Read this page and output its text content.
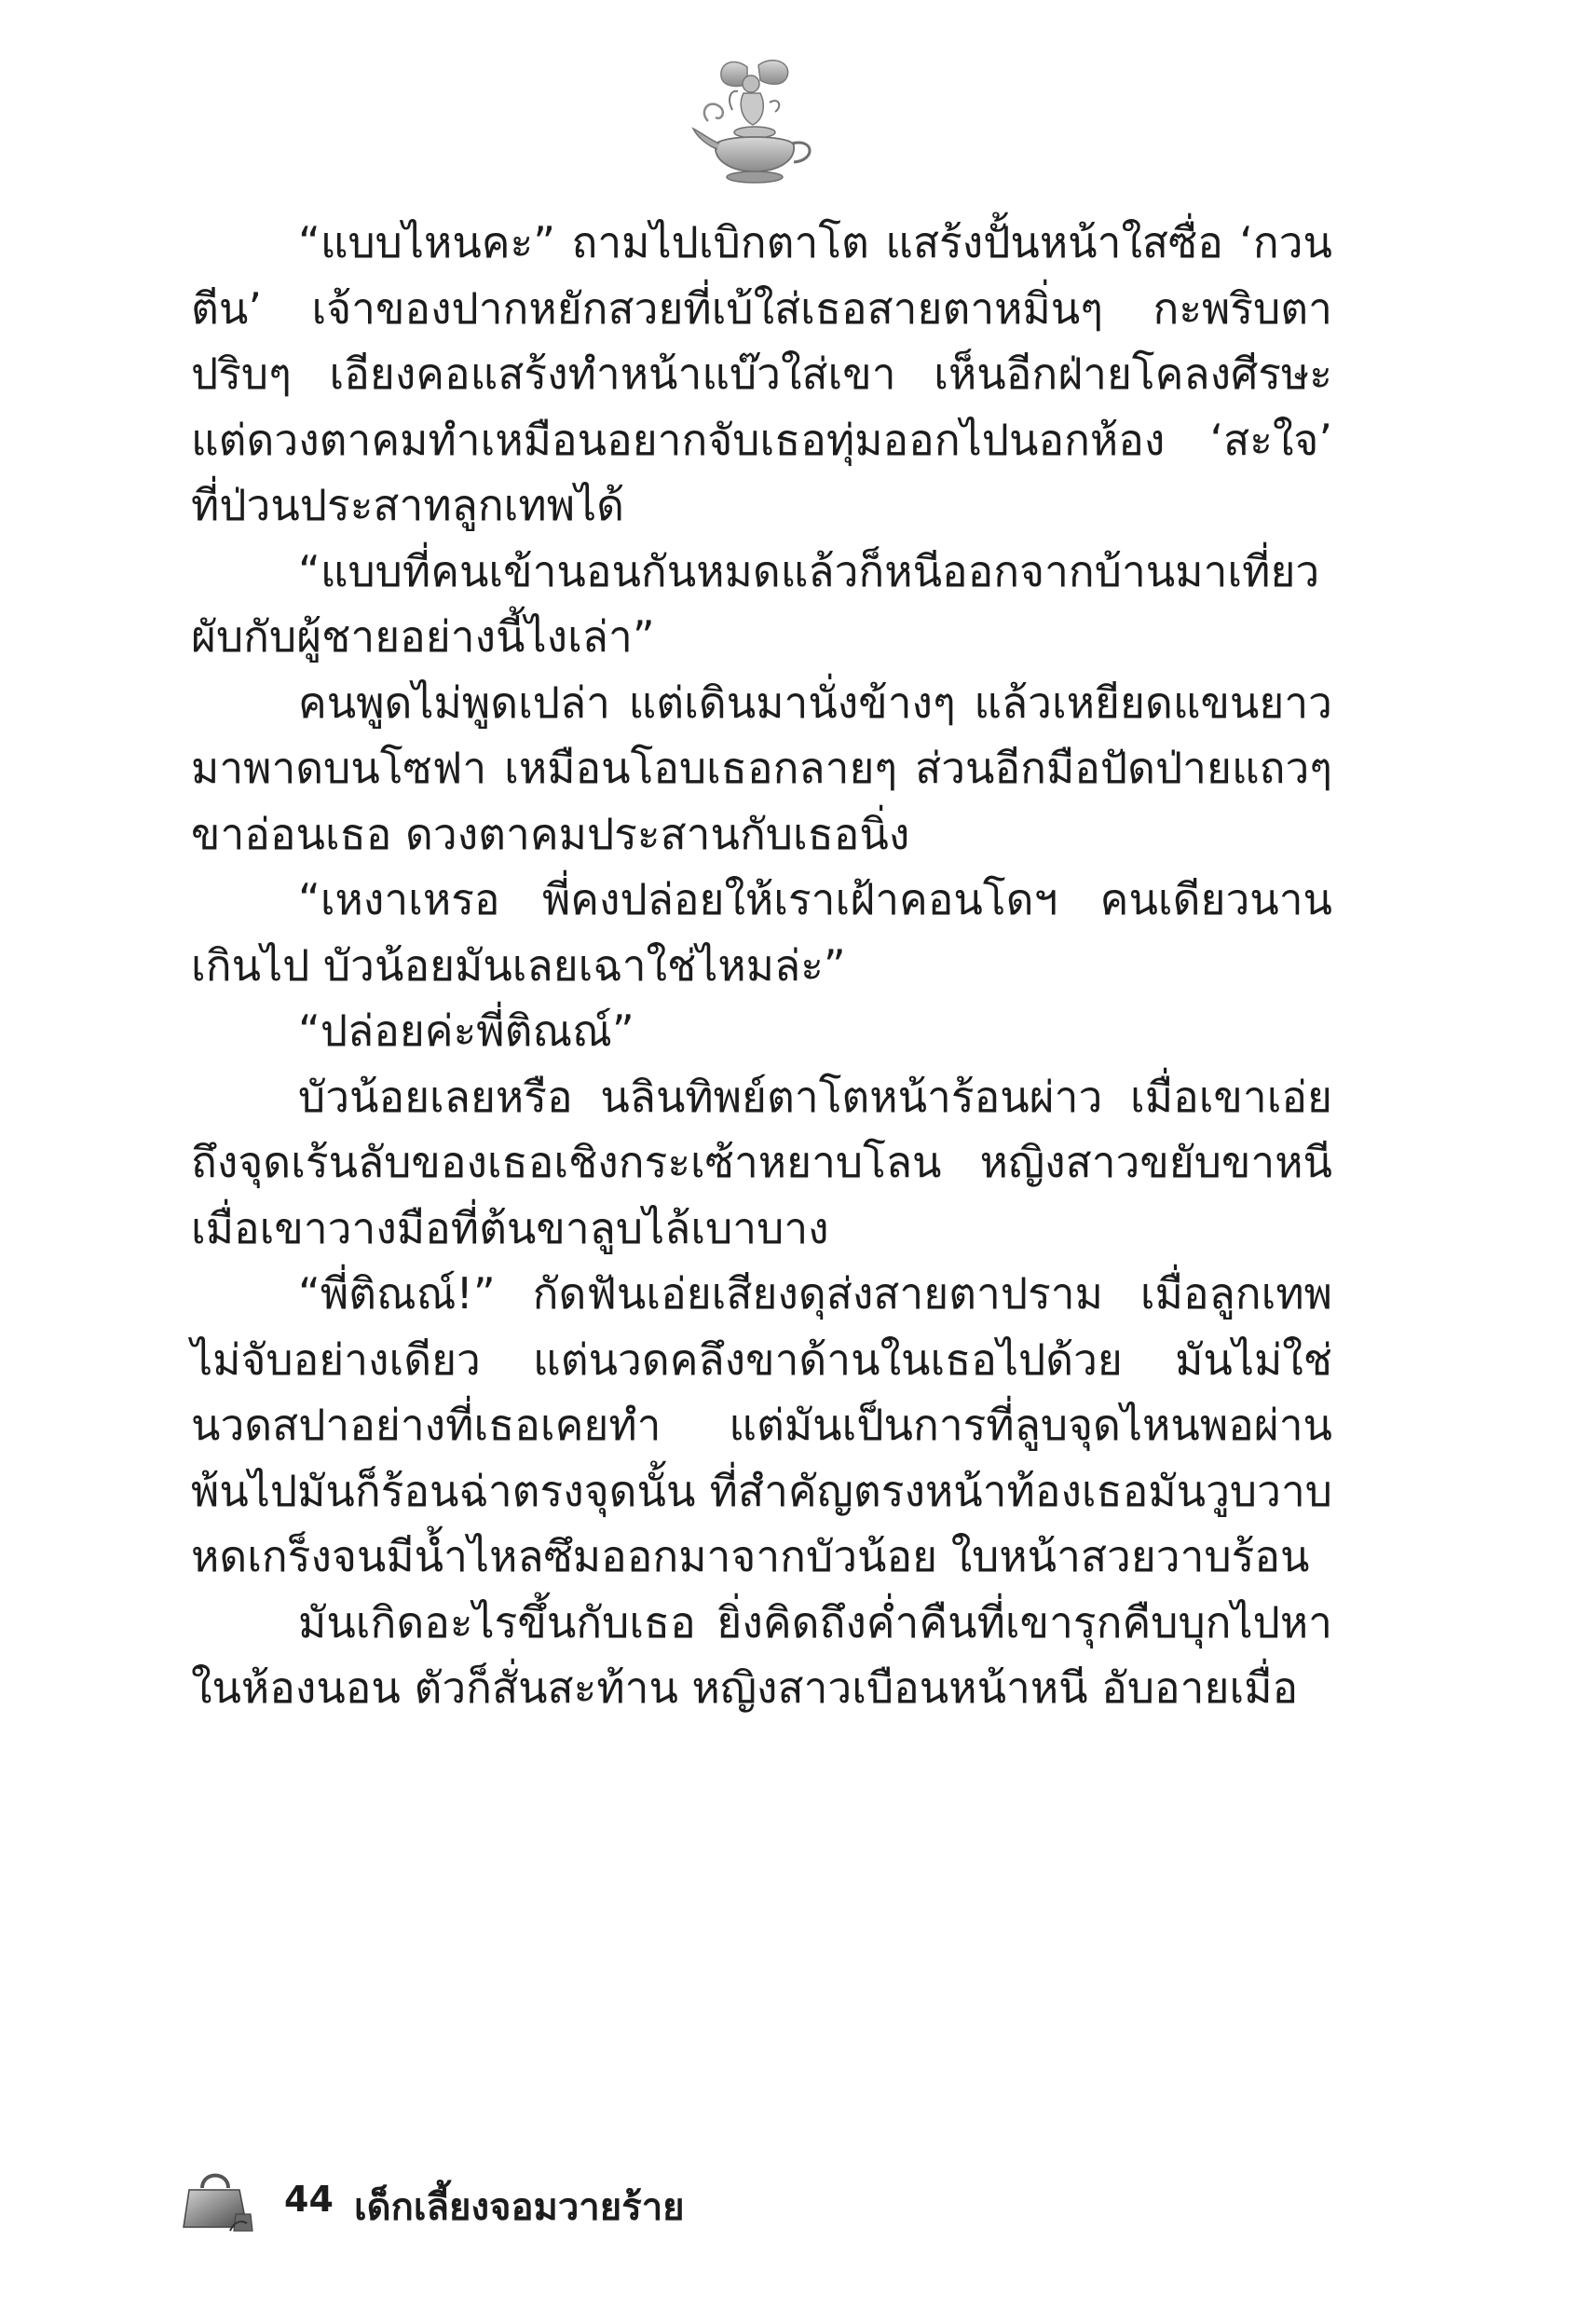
“แบบไหนคะ” ถามไปเบิกตาโต แสร้งปั้นหน้าใสซื่อ ‘กวนตีน’ เจ้าของปากหยักสวยที่เบ้ใส่เธอสายตาหมิ่นๆ กะพริบตาปริบๆ เอียงคอแสร้งทำหน้าแบ๊วใส่เขา เห็นอีกฝ่ายโคลงศีรษะ แต่ดวงตาคมทำเหมือนอยากจับเธอทุ่มออกไปนอกห้อง ‘สะใจ’ ที่ป่วนประสาทลูกเทพได้

“แบบที่คนเข้านอนกันหมดแล้วก็หนีออกจากบ้านมาเที่ยวผับกับผู้ชายอย่างนี้ไงเล่า”

คนพูดไม่พูดเปล่า แต่เดินมานั่งข้างๆ แล้วเหยียดแขนยาวมาพาดบนโซฟา เหมือนโอบเธอกลายๆ ส่วนอีกมือปัดป่ายแถวๆ ขาอ่อนเธอ ดวงตาคมประสานกับเธอนิ่ง

“เหงาเหรอ พี่คงปล่อยให้เราเฝ้าคอนโดฯ คนเดียวนานเกินไป บัวน้อยมันเลยเฉาใช่ไหมล่ะ”

“ปล่อยค่ะพี่ติณณ์”

บัวน้อยเลยหรือ นลินทิพย์ตาโตหน้าร้อนผ่าว เมื่อเขาเอ่ยถึงจุดเร้นลับของเธอเชิงกระเซ้าหยาบโลน หญิงสาวขยับขาหนี เมื่อเขาวางมือที่ต้นขาลูบไล้เบาบาง

“พี่ติณณ์!” กัดฟันเอ่ยเสียงดุส่งสายตาปราม เมื่อลูกเทพไม่จับอย่างเดียว แต่นวดคลึงขาด้านในเธอไปด้วย มันไม่ใช่นวดสปาอย่างที่เธอเคยทำ แต่มันเป็นการที่ลูบจุดไหนพอผ่านพ้นไปมันก็ร้อนฉ่าตรงจุดนั้น ที่สำคัญตรงหน้าท้องเธอมันวูบวาบหดเกร็งจนมีน้ำไหลซึมออกมาจากบัวน้อย ใบหน้าสวยวาบร้อน

มันเกิดอะไรขึ้นกับเธอ ยิ่งคิดถึงค่ำคืนที่เขารุกคืบบุกไปหาในห้องนอน ตัวก็สั่นสะท้าน หญิงสาวเบือนหน้าหนี อับอายเมื่อ

44 เด็กเลี้ยงจอมวายร้าย
